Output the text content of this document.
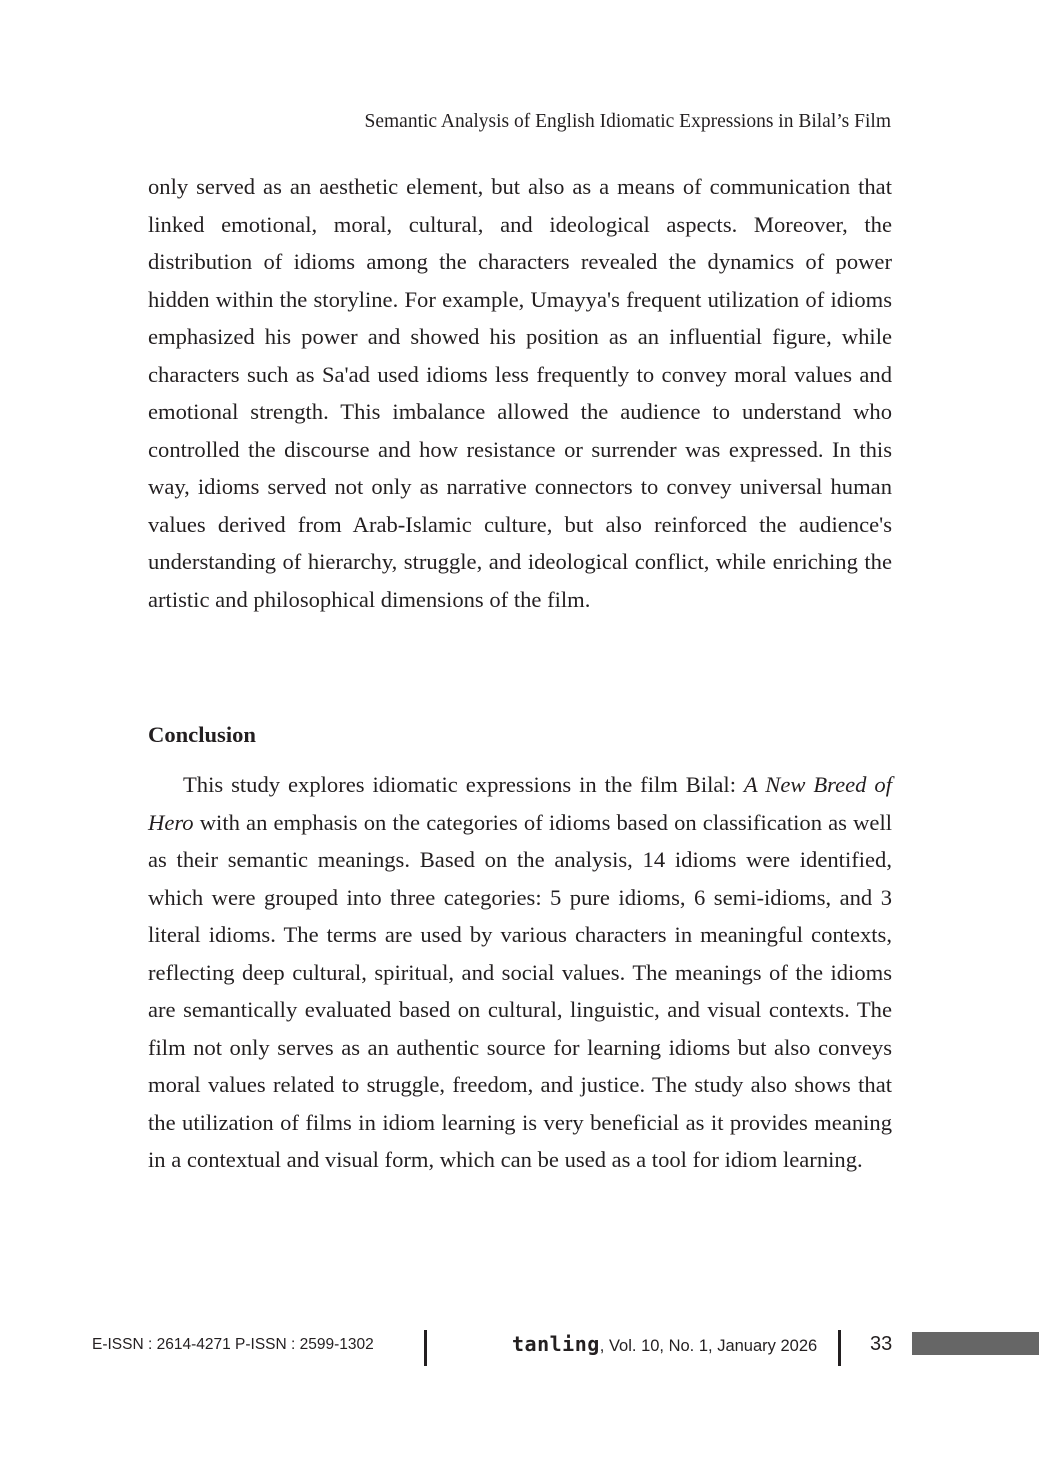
Semantic Analysis of English Idiomatic Expressions in Bilal’s Film

only served as an aesthetic element, but also as a means of communication that linked emotional, moral, cultural, and ideological aspects. Moreover, the distribution of idioms among the characters revealed the dynamics of power hidden within the storyline. For example, Umayya's frequent utilization of idioms emphasized his power and showed his position as an influential figure, while characters such as Sa'ad used idioms less frequently to convey moral values and emotional strength. This imbalance allowed the audience to understand who controlled the discourse and how resistance or surrender was expressed. In this way, idioms served not only as narrative connectors to convey universal human values derived from Arab-Islamic culture, but also reinforced the audience's understanding of hierarchy, struggle, and ideological conflict, while enriching the artistic and philosophical dimensions of the film.

Conclusion

This study explores idiomatic expressions in the film Bilal: A New Breed of Hero with an emphasis on the categories of idioms based on classification as well as their semantic meanings. Based on the analysis, 14 idioms were identified, which were grouped into three categories: 5 pure idioms, 6 semi-idioms, and 3 literal idioms. The terms are used by various characters in meaningful contexts, reflecting deep cultural, spiritual, and social values. The meanings of the idioms are semantically evaluated based on cultural, linguistic, and visual contexts. The film not only serves as an authentic source for learning idioms but also conveys moral values related to struggle, freedom, and justice. The study also shows that the utilization of films in idiom learning is very beneficial as it provides meaning in a contextual and visual form, which can be used as a tool for idiom learning.

E-ISSN : 2614-4271 P-ISSN : 2599-1302	tanling, Vol. 10, No. 1, January 2026	33
